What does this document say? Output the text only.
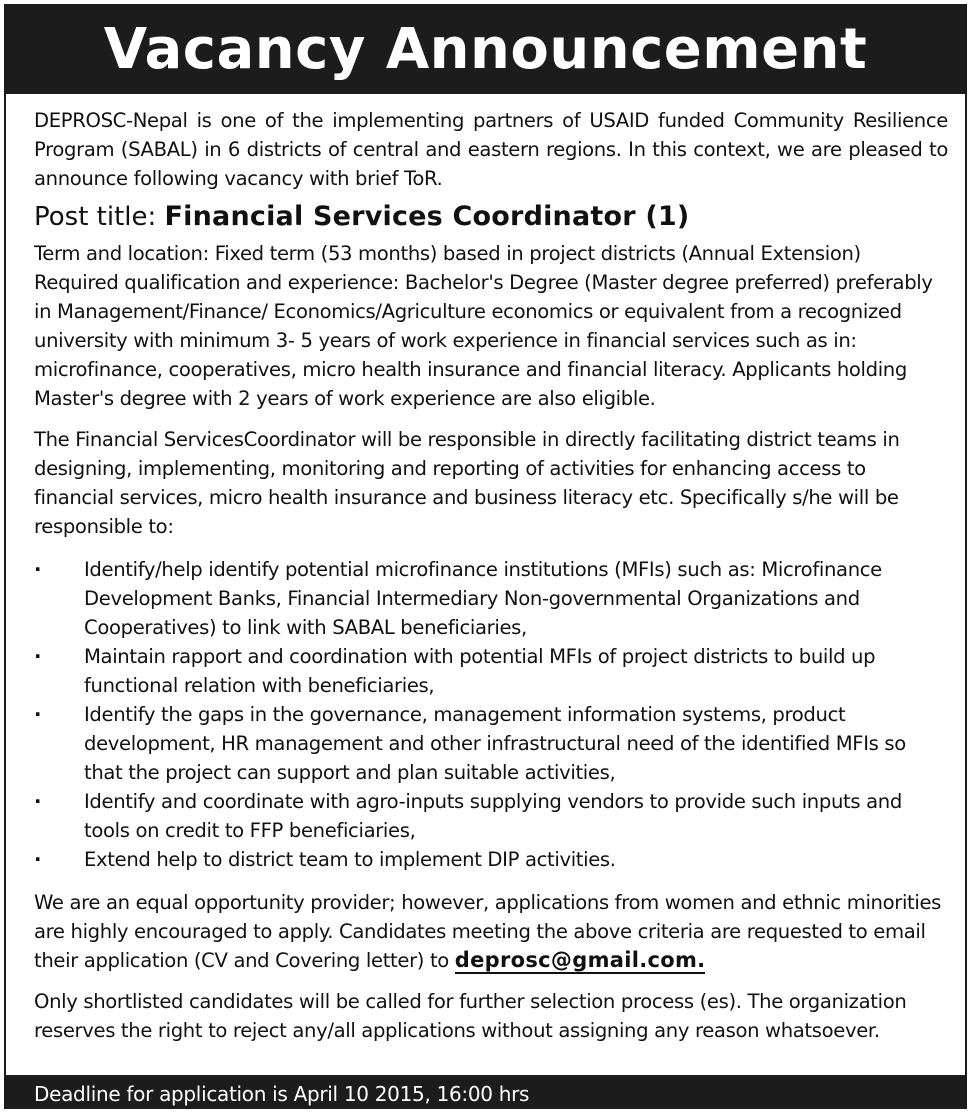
Vacancy Announcement

DEPROSC-Nepal is one of the implementing partners of USAID funded Community Resilience Program (SABAL) in 6 districts of central and eastern regions. In this context, we are pleased to announce following vacancy with brief ToR.

Post title: Financial Services Coordinator (1)

Term and location: Fixed term (53 months) based in project districts (Annual Extension)

Required qualification and experience: Bachelor's Degree (Master degree preferred) preferably in Management/Finance/ Economics/Agriculture economics or equivalent from a recognized university with minimum 3- 5 years of work experience in financial services such as in: microfinance, cooperatives, micro health insurance and financial literacy. Applicants holding Master's degree with 2 years of work experience are also eligible.

The Financial ServicesCoordinator will be responsible in directly facilitating district teams in designing, implementing, monitoring and reporting of activities for enhancing access to financial services, micro health insurance and business literacy etc. Specifically s/he will be responsible to:

·	Identify/help identify potential microfinance institutions (MFIs) such as: Microfinance Development Banks, Financial Intermediary Non-governmental Organizations and Cooperatives) to link with SABAL beneficiaries,
·	Maintain rapport and coordination with potential MFIs of project districts to build up functional relation with beneficiaries,
·	Identify the gaps in the governance, management information systems, product development, HR management and other infrastructural need of the identified MFIs so that the project can support and plan suitable activities,
·	Identify and coordinate with agro-inputs supplying vendors to provide such inputs and tools on credit to FFP beneficiaries,
·	Extend help to district team to implement DIP activities.

We are an equal opportunity provider; however, applications from women and ethnic minorities are highly encouraged to apply. Candidates meeting the above criteria are requested to email their application (CV and Covering letter) to deprosc@gmail.com.

Only shortlisted candidates will be called for further selection process (es). The organization reserves the right to reject any/all applications without assigning any reason whatsoever.

Deadline for application is April 10 2015, 16:00 hrs
